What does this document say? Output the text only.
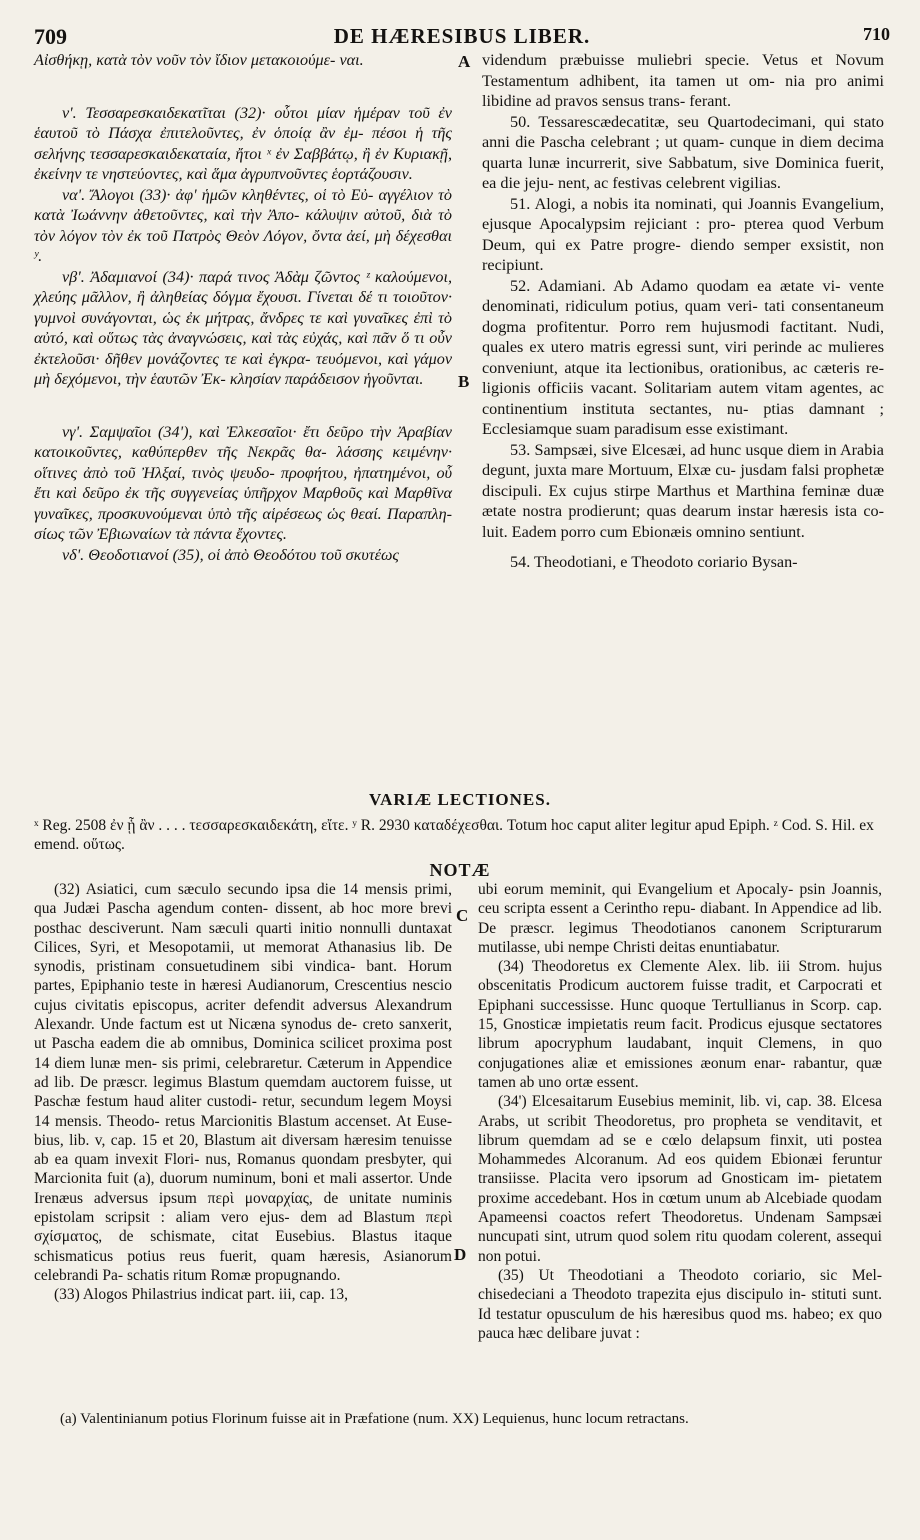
709	DE HÆRESIBUS LIBER.	710

Αἰσθήκῃ, κατὰ τὸν νοῦν τὸν ἴδιον μετακοιούμε- ναι.

ν'. Τεσσαρεσκαιδεκατῖται (32)· οὗτοι μίαν ἡμέραν τοῦ ἐν ἑαυτοῦ τὸ Πάσχα ἐπιτελοῦντες, ἐν ὁποίᾳ ἂν ἐμ- πέσοι ἡ τῆς σελήνης τεσσαρεσκαιδεκαταία, ἤτοι ˣ ἐν Σαββάτῳ, ἢ ἐν Κυριακῇ, ἐκείνην τε νηστεύοντες, καὶ ἅμα ἀγρυπνοῦντες ἑορτάζουσιν.

να'. Ἄλογοι (33)· ἀφ' ἡμῶν κληθέντες, οἱ τὸ Εὐ- αγγέλιον τὸ κατὰ Ἰωάννην ἀθετοῦντες, καὶ τὴν Ἀπο- κάλυψιν αὐτοῦ, διὰ τὸ τὸν λόγον τὸν ἐκ τοῦ Πατρὸς Θεὸν Λόγον, ὄντα ἀεί, μὴ δέχεσθαι ʸ.

νβ'. Ἀδαμιανοί (34)· παρά τινος Ἀδὰμ ζῶντος ᶻ καλούμενοι, χλεύης μᾶλλον, ἢ ἀληθείας δόγμα ἔχουσι. Γίνεται δέ τι τοιοῦτον· γυμνοὶ συνάγονται, ὡς ἐκ μήτρας, ἄνδρες τε καὶ γυναῖκες ἐπὶ τὸ αὐτό, καὶ οὕτως τὰς ἀναγνώσεις, καὶ τὰς εὐχάς, καὶ πᾶν ὅ τι οὖν ἐκτελοῦσι· δῆθεν μονάζοντες τε καὶ ἐγκρα- τευόμενοι, καὶ γάμον μὴ δεχόμενοι, τὴν ἑαυτῶν Ἐκ- κλησίαν παράδεισον ἡγοῦνται.

νγ'. Σαμψαῖοι (34'), καὶ Ἐλκεσαῖοι· ἔτι δεῦρο τὴν Ἀραβίαν κατοικοῦντες, καθύπερθεν τῆς Νεκρᾶς θα- λάσσης κειμένην· οἵτινες ἀπὸ τοῦ Ἠλξαί, τινὸς ψευδο- προφήτου, ἠπατημένοι, οὗ ἔτι καὶ δεῦρο ἐκ τῆς συγγενείας ὑπῆρχον Μαρθοῦς καὶ Μαρθῖνα γυναῖκες, προσκυνούμεναι ὑπὸ τῆς αἱρέσεως ὡς θεαί. Παραπλη- σίως τῶν Ἐβιωναίων τὰ πάντα ἔχοντες.

νδ'. Θεοδοτιανοί (35), οἱ ἀπὸ Θεοδότου τοῦ σκυτέως

A
B
C
D

videndum præbuisse muliebri specie. Vetus et Novum Testamentum adhibent, ita tamen ut om- nia pro animi libidine ad pravos sensus trans- ferant.

50. Tessarescædecatitæ, seu Quartodecimani, qui stato anni die Pascha celebrant ; ut quam- cunque in diem decima quarta lunæ incurrerit, sive Sabbatum, sive Dominica fuerit, ea die jeju- nent, ac festivas celebrent vigilias.

51. Alogi, a nobis ita nominati, qui Joannis Evangelium, ejusque Apocalypsim rejiciant : pro- pterea quod Verbum Deum, qui ex Patre progre- diendo semper exsistit, non recipiunt.

52. Adamiani. Ab Adamo quodam ea ætate vi- vente denominati, ridiculum potius, quam veri- tati consentaneum dogma profitentur. Porro rem hujusmodi factitant. Nudi, quales ex utero matris egressi sunt, viri perinde ac mulieres conveniunt, atque ita lectionibus, orationibus, ac cæteris re- ligionis officiis vacant. Solitariam autem vitam agentes, ac continentium instituta sectantes, nu- ptias damnant ; Ecclesiamque suam paradisum esse existimant.

53. Sampsæi, sive Elcesæi, ad hunc usque diem in Arabia degunt, juxta mare Mortuum, Elxæ cu- jusdam falsi prophetæ discipuli. Ex cujus stirpe Marthus et Marthina feminæ duæ ætate nostra prodierunt; quas dearum instar hæresis ista co- luit. Eadem porro cum Ebionæis omnino sentiunt.

54. Theodotiani, e Theodoto coriario Bysan-

VARIÆ LECTIONES.
ˣ Reg. 2508 ἐν ᾗ ἂν . . . . τεσσαρεσκαιδεκάτη, εἴτε. ʸ R. 2930 καταδέχεσθαι. Totum hoc caput aliter legitur apud Epiph. ᶻ Cod. S. Hil. ex emend. οὕτως.
NOTÆ

(32) Asiatici, cum sæculo secundo ipsa die 14 mensis primi, qua Judæi Pascha agendum conten- dissent, ab hoc more brevi posthac desciverunt. Nam sæculi quarti initio nonnulli duntaxat Cilices, Syri, et Mesopotamii, ut memorat Athanasius lib. De synodis, pristinam consuetudinem sibi vindica- bant. Horum partes, Epiphanio teste in hæresi Audianorum, Crescentius nescio cujus civitatis episcopus, acriter defendit adversus Alexandrum Alexandr. Unde factum est ut Nicæna synodus de- creto sanxerit, ut Pascha eadem die ab omnibus, Dominica scilicet proxima post 14 diem lunæ men- sis primi, celebraretur. Cæterum in Appendice ad lib. De præscr. legimus Blastum quemdam auctorem fuisse, ut Paschæ festum haud aliter custodi- retur, secundum legem Moysi 14 mensis. Theodo- retus Marcionitis Blastum accenset. At Euse- bius, lib. v, cap. 15 et 20, Blastum ait diversam hæresim tenuisse ab ea quam invexit Flori- nus, Romanus quondam presbyter, qui Marcionita fuit (a), duorum numinum, boni et mali assertor. Unde Irenæus adversus ipsum περὶ μοναρχίας, de unitate numinis epistolam scripsit : aliam vero ejus- dem ad Blastum περὶ σχίσματος, de schismate, citat Eusebius. Blastus itaque schismaticus potius reus fuerit, quam hæresis, Asianorum celebrandi Pa- schatis ritum Romæ propugnando.

(33) Alogos Philastrius indicat part. iii, cap. 13,

ubi eorum meminit, qui Evangelium et Apocaly- psin Joannis, ceu scripta essent a Cerintho repu- diabant. In Appendice ad lib. De præscr. legimus Theodotianos canonem Scripturarum mutilasse, ubi nempe Christi deitas enuntiabatur.

(34) Theodoretus ex Clemente Alex. lib. iii Strom. hujus obscenitatis Prodicum auctorem fuisse tradit, et Carpocrati et Epiphani successisse. Hunc quoque Tertullianus in Scorp. cap. 15, Gnosticæ impietatis reum facit. Prodicus ejusque sectatores librum apocryphum laudabant, inquit Clemens, in quo conjugationes aliæ et emissiones æonum enar- rabantur, quæ tamen ab uno ortæ essent.

(34') Elcesaitarum Eusebius meminit, lib. vi, cap. 38. Elcesa Arabs, ut scribit Theodoretus, pro propheta se venditavit, et librum quemdam ad se e cœlo delapsum finxit, uti postea Mohammedes Alcoranum. Ad eos quidem Ebionæi feruntur transiisse. Placita vero ipsorum ad Gnosticam im- pietatem proxime accedebant. Hos in cœtum unum ab Alcebiade quodam Apameensi coactos refert Theodoretus. Undenam Sampsæi nuncupati sint, utrum quod solem ritu quodam colerent, assequi non potui.

(35) Ut Theodotiani a Theodoto coriario, sic Mel- chisedeciani a Theodoto trapezita ejus discipulo in- stituti sunt. Id testatur opusculum de his hæresibus quod ms. habeo; ex quo pauca hæc delibare juvat :

(a) Valentinianum potius Florinum fuisse ait in Præfatione (num. XX) Lequienus, hunc locum retractans.
